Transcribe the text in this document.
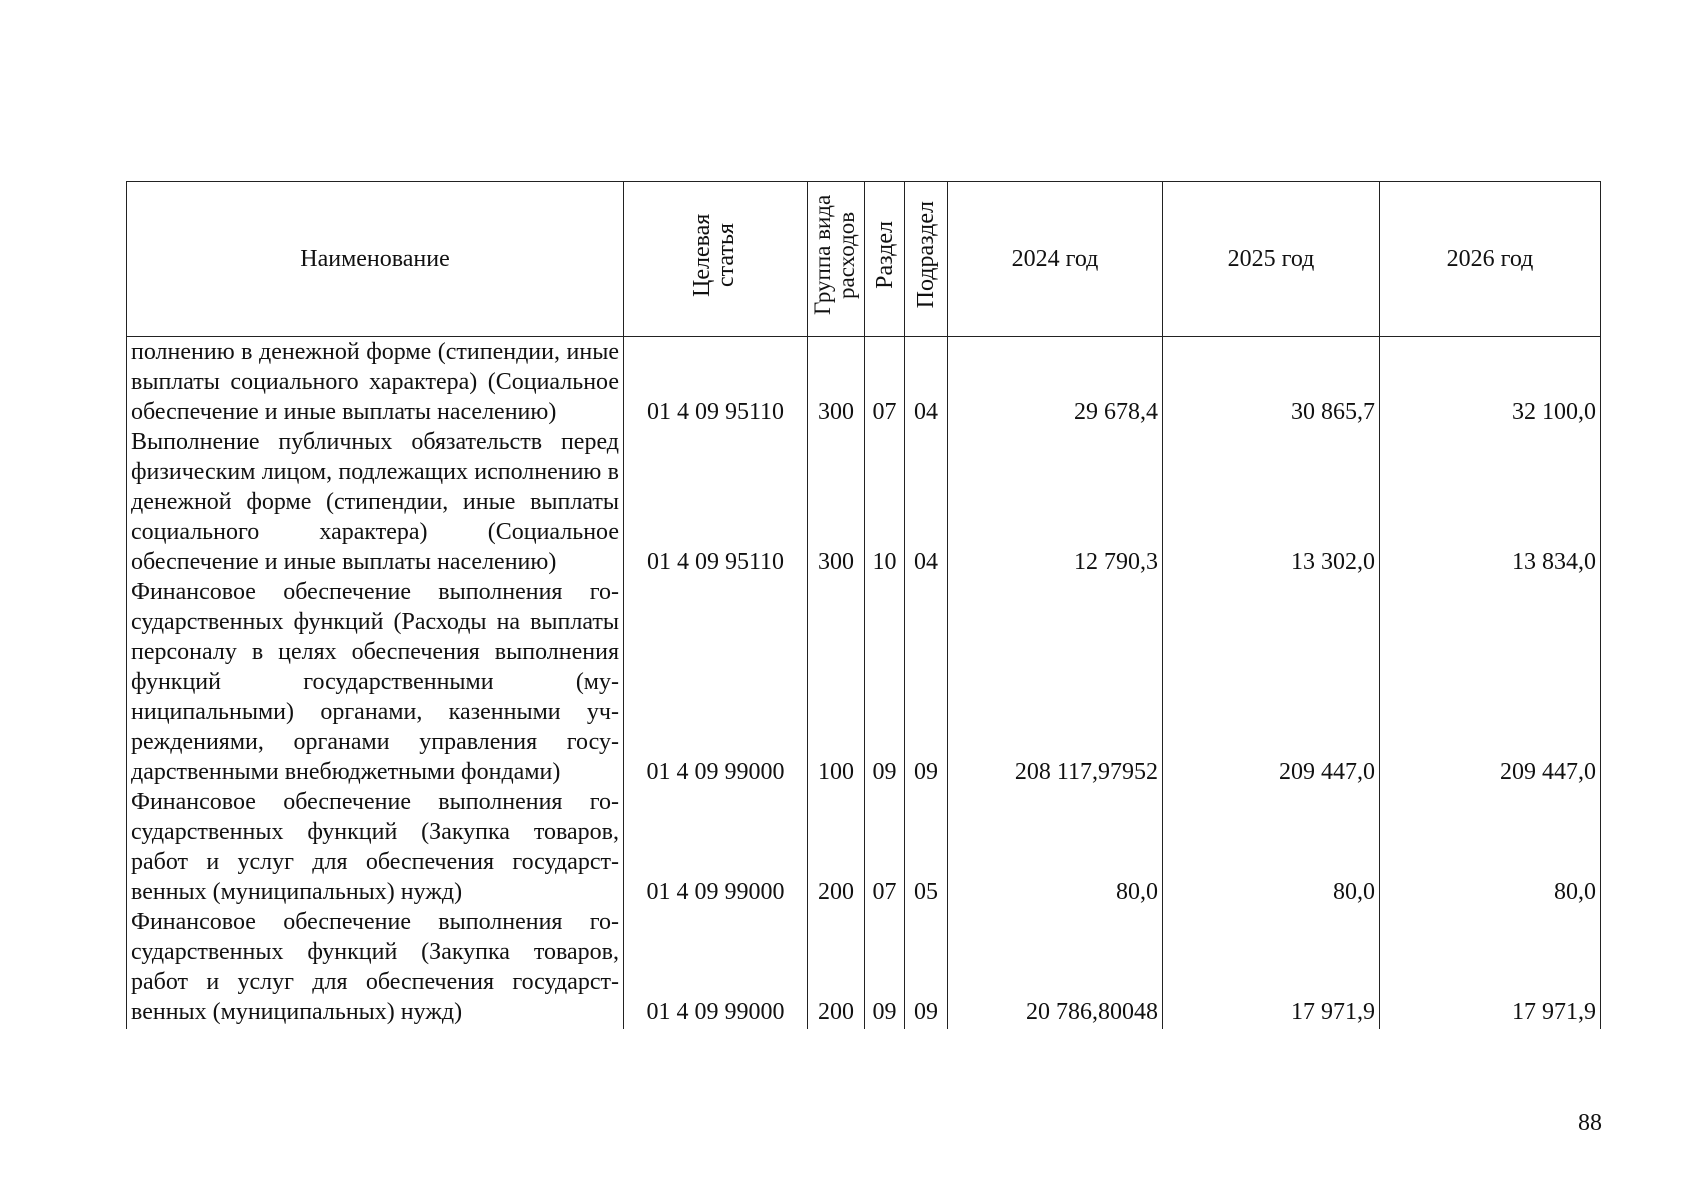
Наименование	Целевая статья	Группа вида расходов	Раздел	Подраздел	2024 год	2025 год	2026 год
полнению в денежной форме (стипендии, иные выплаты социального характера) (Социальное обеспечение и иные выплаты населению)	01 4 09 95110	300	07	04	29 678,4	30 865,7	32 100,0
Выполнение публичных обязательств перед физическим лицом, подлежащих исполнению в денежной форме (стипендии, иные выплаты социального характера) (Социальное обеспечение и иные выплаты населению)	01 4 09 95110	300	10	04	12 790,3	13 302,0	13 834,0
Финансовое обеспечение выполнения государственных функций (Расходы на выплаты персоналу в целях обеспечения выполнения функций государственными (муниципальными) органами, казенными учреждениями, органами управления государственными внебюджетными фондами)	01 4 09 99000	100	09	09	208 117,97952	209 447,0	209 447,0
Финансовое обеспечение выполнения государственных функций (Закупка товаров, работ и услуг для обеспечения государственных (муниципальных) нужд)	01 4 09 99000	200	07	05	80,0	80,0	80,0
Финансовое обеспечение выполнения государственных функций (Закупка товаров, работ и услуг для обеспечения государственных (муниципальных) нужд)	01 4 09 99000	200	09	09	20 786,80048	17 971,9	17 971,9
88
